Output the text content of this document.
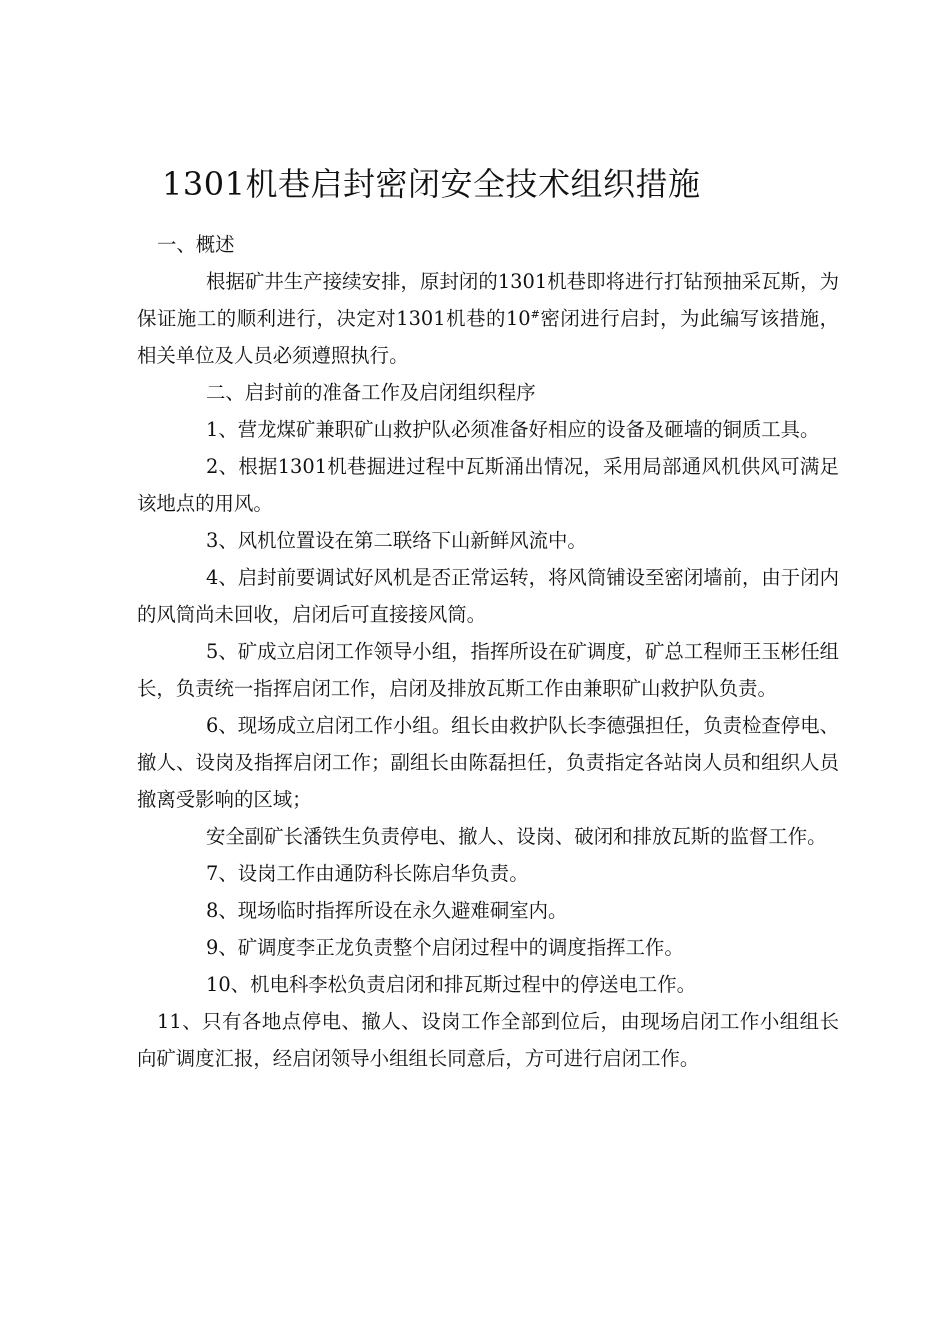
1301机巷启封密闭安全技术组织措施

一、概述

根据矿井生产接续安排，原封闭的1301机巷即将进行打钻预抽采瓦斯，为保证施工的顺利进行，决定对1301机巷的10#密闭进行启封，为此编写该措施，相关单位及人员必须遵照执行。

二、启封前的准备工作及启闭组织程序

1、营龙煤矿兼职矿山救护队必须准备好相应的设备及砸墙的铜质工具。

2、根据1301机巷掘进过程中瓦斯涌出情况，采用局部通风机供风可满足该地点的用风。

3、风机位置设在第二联络下山新鲜风流中。

4、启封前要调试好风机是否正常运转，将风筒铺设至密闭墙前，由于闭内的风筒尚未回收，启闭后可直接接风筒。

5、矿成立启闭工作领导小组，指挥所设在矿调度，矿总工程师王玉彬任组长，负责统一指挥启闭工作，启闭及排放瓦斯工作由兼职矿山救护队负责。

6、现场成立启闭工作小组。组长由救护队长李德强担任，负责检查停电、撤人、设岗及指挥启闭工作；副组长由陈磊担任，负责指定各站岗人员和组织人员撤离受影响的区域；

安全副矿长潘铁生负责停电、撤人、设岗、破闭和排放瓦斯的监督工作。

7、设岗工作由通防科长陈启华负责。

8、现场临时指挥所设在永久避难硐室内。

9、矿调度李正龙负责整个启闭过程中的调度指挥工作。

10、机电科李松负责启闭和排瓦斯过程中的停送电工作。

11、只有各地点停电、撤人、设岗工作全部到位后，由现场启闭工作小组组长向矿调度汇报，经启闭领导小组组长同意后，方可进行启闭工作。
